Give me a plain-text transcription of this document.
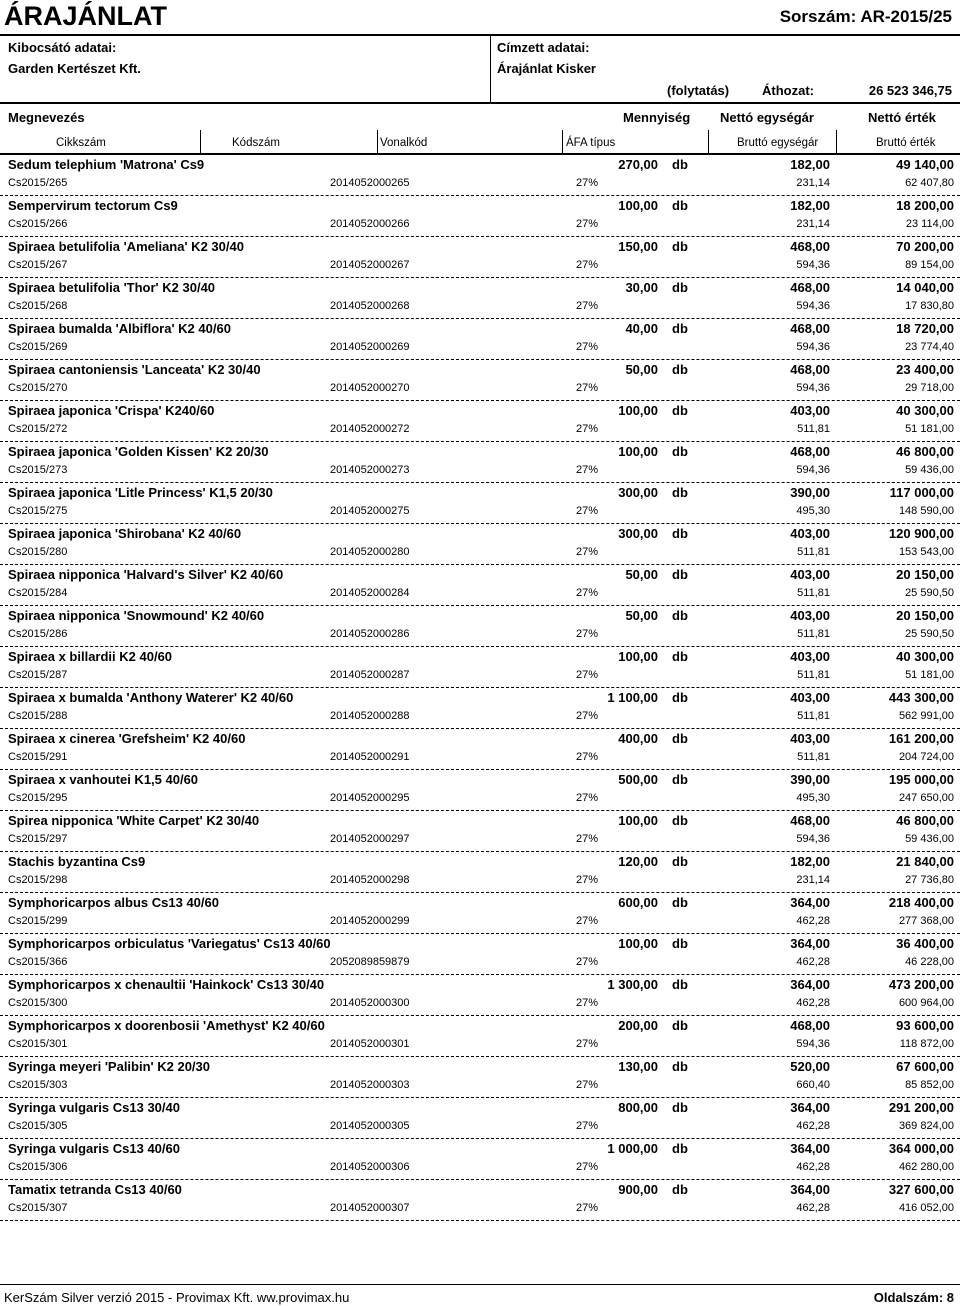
ÁRAJÁNLAT	Sorszám: AR-2015/25
Kibocsátó adatai:
Garden Kertészet Kft.
Címzett adatai:
Árajánlat Kisker
(folytatás)	Áthozat:	26 523 346,75
Megnevezés	Mennyiség Nettó egységár	Nettó érték
Cikkszám	Kódszám	Vonalkód	ÁFA típus	Bruttó egységár	Bruttó érték
Sedum telephium 'Matrona' Cs9	270,00 db	182,00	49 140,00
Cs2015/265	2014052000265	27%	231,14	62 407,80
Sempervirum tectorum Cs9	100,00 db	182,00	18 200,00
Cs2015/266	2014052000266	27%	231,14	23 114,00
Spiraea betulifolia 'Ameliana' K2 30/40	150,00 db	468,00	70 200,00
Cs2015/267	2014052000267	27%	594,36	89 154,00
Spiraea betulifolia 'Thor' K2 30/40	30,00 db	468,00	14 040,00
Cs2015/268	2014052000268	27%	594,36	17 830,80
Spiraea bumalda 'Albiflora' K2 40/60	40,00 db	468,00	18 720,00
Cs2015/269	2014052000269	27%	594,36	23 774,40
Spiraea cantoniensis 'Lanceata' K2 30/40	50,00 db	468,00	23 400,00
Cs2015/270	2014052000270	27%	594,36	29 718,00
Spiraea japonica 'Crispa' K240/60	100,00 db	403,00	40 300,00
Cs2015/272	2014052000272	27%	511,81	51 181,00
Spiraea japonica 'Golden Kissen' K2 20/30	100,00 db	468,00	46 800,00
Cs2015/273	2014052000273	27%	594,36	59 436,00
Spiraea japonica 'Litle Princess' K1,5 20/30	300,00 db	390,00	117 000,00
Cs2015/275	2014052000275	27%	495,30	148 590,00
Spiraea japonica 'Shirobana' K2 40/60	300,00 db	403,00	120 900,00
Cs2015/280	2014052000280	27%	511,81	153 543,00
Spiraea nipponica 'Halvard's Silver' K2 40/60	50,00 db	403,00	20 150,00
Cs2015/284	2014052000284	27%	511,81	25 590,50
Spiraea nipponica 'Snowmound' K2 40/60	50,00 db	403,00	20 150,00
Cs2015/286	2014052000286	27%	511,81	25 590,50
Spiraea x billardii K2 40/60	100,00 db	403,00	40 300,00
Cs2015/287	2014052000287	27%	511,81	51 181,00
Spiraea x bumalda 'Anthony Waterer' K2 40/60	1 100,00 db	403,00	443 300,00
Cs2015/288	2014052000288	27%	511,81	562 991,00
Spiraea x cinerea 'Grefsheim' K2 40/60	400,00 db	403,00	161 200,00
Cs2015/291	2014052000291	27%	511,81	204 724,00
Spiraea x vanhoutei K1,5 40/60	500,00 db	390,00	195 000,00
Cs2015/295	2014052000295	27%	495,30	247 650,00
Spirea nipponica 'White Carpet' K2 30/40	100,00 db	468,00	46 800,00
Cs2015/297	2014052000297	27%	594,36	59 436,00
Stachis byzantina Cs9	120,00 db	182,00	21 840,00
Cs2015/298	2014052000298	27%	231,14	27 736,80
Symphoricarpos albus Cs13 40/60	600,00 db	364,00	218 400,00
Cs2015/299	2014052000299	27%	462,28	277 368,00
Symphoricarpos orbiculatus 'Variegatus' Cs13 40/60	100,00 db	364,00	36 400,00
Cs2015/366	2052089859879	27%	462,28	46 228,00
Symphoricarpos x chenaultii 'Hainkock' Cs13 30/40	1 300,00 db	364,00	473 200,00
Cs2015/300	2014052000300	27%	462,28	600 964,00
Symphoricarpos x doorenbosii 'Amethyst' K2 40/60	200,00 db	468,00	93 600,00
Cs2015/301	2014052000301	27%	594,36	118 872,00
Syringa meyeri 'Palibin' K2 20/30	130,00 db	520,00	67 600,00
Cs2015/303	2014052000303	27%	660,40	85 852,00
Syringa vulgaris Cs13 30/40	800,00 db	364,00	291 200,00
Cs2015/305	2014052000305	27%	462,28	369 824,00
Syringa vulgaris Cs13 40/60	1 000,00 db	364,00	364 000,00
Cs2015/306	2014052000306	27%	462,28	462 280,00
Tamatix tetranda Cs13 40/60	900,00 db	364,00	327 600,00
Cs2015/307	2014052000307	27%	462,28	416 052,00
KerSzám Silver verzió 2015 - Provimax Kft. ww.provimax.hu	Oldalszám: 8
